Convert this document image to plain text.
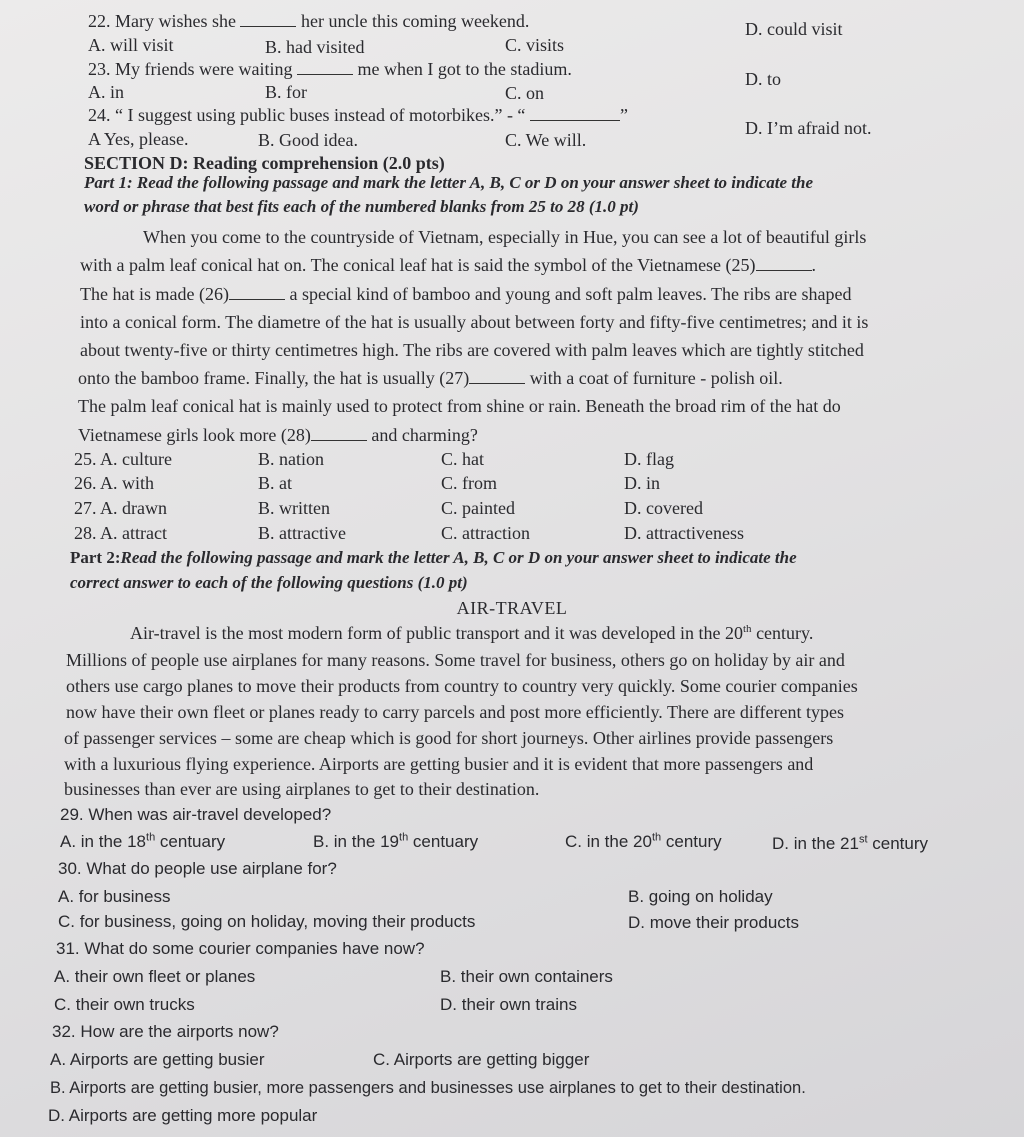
22. Mary wishes she	her uncle this coming weekend.
A. will visit	B. had visited	C. visits
D. could visit
23. My friends were waiting	me when I got to the stadium.
A. in	B. for	C. on
D. to
24. “ I suggest using public buses instead of motorbikes.” - “	”
A Yes, please.	B. Good idea.	C. We will.
D. I’m afraid not.
SECTION D: Reading comprehension (2.0 pts)
Part 1: Read the following passage and mark the letter A, B, C or D on your answer sheet to indicate the
word or phrase that best fits each of the numbered blanks from 25 to 28 (1.0 pt)
When you come to the countryside of Vietnam, especially in Hue, you can see a lot of beautiful girls
with a palm leaf conical hat on. The conical leaf hat is said the symbol of the Vietnamese (25)	.
The hat is made (26)	a special kind of bamboo and young and soft palm leaves. The ribs are shaped
into a conical form. The diametre of the hat is usually about between forty and fifty-five centimetres; and it is
about twenty-five or thirty centimetres high. The ribs are covered with palm leaves which are tightly stitched
onto the bamboo frame. Finally, the hat is usually (27)	with a coat of furniture - polish oil.
The palm leaf conical hat is mainly used to protect from shine or rain. Beneath the broad rim of the hat do
Vietnamese girls look more (28)	and charming?
25. A. culture	B. nation	C. hat	D. flag
26. A. with	B. at	C. from	D. in
27. A. drawn	B. written	C. painted	D. covered
28. A. attract	B. attractive	C. attraction	D. attractiveness
Part 2:Read the following passage and mark the letter A, B, C or D on your answer sheet to indicate the
correct answer to each of the following questions (1.0 pt)
AIR-TRAVEL
Air-travel is the most modern form of public transport and it was developed in the 20th century.
Millions of people use airplanes for many reasons. Some travel for business, others go on holiday by air and
others use cargo planes to move their products from country to country very quickly. Some courier companies
now have their own fleet or planes ready to carry parcels and post more efficiently. There are different types
of passenger services – some are cheap which is good for short journeys. Other airlines provide passengers
with a luxurious flying experience. Airports are getting busier and it is evident that more passengers and
businesses than ever are using airplanes to get to their destination.
29. When was air-travel developed?
A. in the 18th centuary	B. in the 19th centuary	C. in the 20th century	D. in the 21st century
30. What do people use airplane for?
A. for business	B. going on holiday
C. for business, going on holiday, moving their products	D. move their products
31. What do some courier companies have now?
A. their own fleet or planes	B. their own containers
C. their own trucks	D. their own trains
32. How are the airports now?
A. Airports are getting busier	C. Airports are getting bigger
B. Airports are getting busier, more passengers and businesses use airplanes to get to their destination.
D. Airports are getting more popular
